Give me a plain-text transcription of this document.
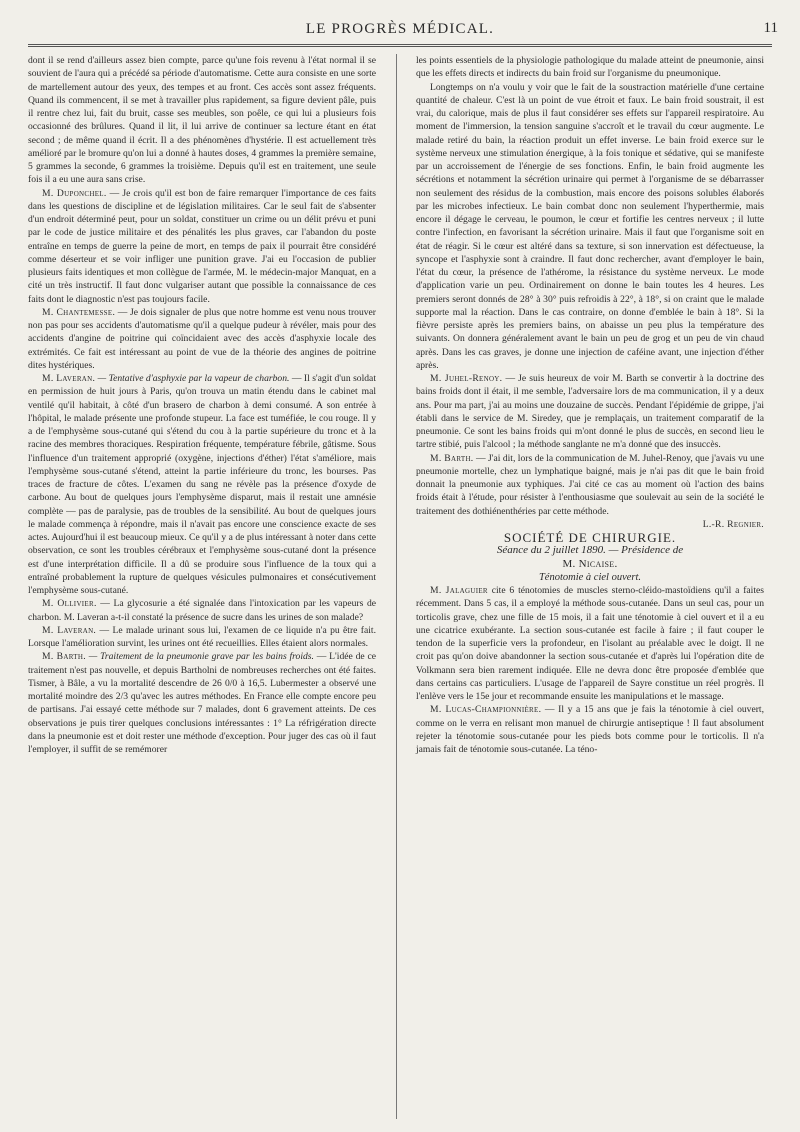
LE PROGRÈS MÉDICAL.	11

dont il se rend d'ailleurs assez bien compte, parce qu'une fois revenu à l'état normal il se souvient de l'aura qui a précédé sa période d'automatisme. Cette aura consiste en une sorte de martellement autour des yeux, des tempes et au front. Ces accès sont assez fréquents. Quand ils commencent, il se met à travailler plus rapidement, sa figure devient pâle, puis il rentre chez lui, fait du bruit, casse ses meubles, son poêle, ce qui lui a plusieurs fois occasionné des brûlures. Quand il lit, il lui arrive de continuer sa lecture étant en état second ; de même quand il écrit. Il a des phénomènes d'hystérie. Il est actuellement très amélioré par le bromure qu'on lui a donné à hautes doses, 4 grammes la première semaine, 5 grammes la seconde, 6 grammes la troisième. Depuis qu'il est en traitement, une seule fois il a eu une aura sans crise.

M. Duponchel. — Je crois qu'il est bon de faire remarquer l'importance de ces faits dans les questions de discipline et de législation militaires. Car le seul fait de s'absenter d'un endroit déterminé peut, pour un soldat, constituer un crime ou un délit prévu et puni par le code de justice militaire et des pénalités les plus graves, car l'abandon du poste entraîne en temps de guerre la peine de mort, en temps de paix il pourrait être considéré comme déserteur et se voir infliger une punition grave. J'ai eu l'occasion de publier plusieurs faits identiques et mon collègue de l'armée, M. le médecin-major Manquat, en a cité un très instructif. Il faut donc vulgariser autant que possible la connaissance de ces faits dont le diagnostic n'est pas toujours facile.

M. Chantemesse. — Je dois signaler de plus que notre homme est venu nous trouver non pas pour ses accidents d'automatisme qu'il a quelque pudeur à révéler, mais pour des accidents d'angine de poitrine qui coïncidaient avec des accès d'asphyxie locale des extrémités. Ce fait est intéressant au point de vue de la théorie des angines de poitrine dites hystériques.

M. Laveran. — Tentative d'asphyxie par la vapeur de charbon. — Il s'agit d'un soldat en permission de huit jours à Paris, qu'on trouva un matin étendu dans le cabinet mal ventilé qu'il habitait, à côté d'un brasero de charbon à demi consumé. A son entrée à l'hôpital, le malade présente une profonde stupeur. La face est tuméfiée, le cou rouge. Il y a de l'emphysème sous-cutané qui s'étend du cou à la partie supérieure du tronc et à la racine des membres thoraciques. Respiration fréquente, température fébrile, gâtisme. Sous l'influence d'un traitement approprié (oxygène, injections d'éther) l'état s'améliore, mais l'emphysème sous-cutané s'étend, atteint la partie inférieure du tronc, les bourses. Pas traces de fracture de côtes. L'examen du sang ne révèle pas la présence d'oxyde de carbone. Au bout de quelques jours l'emphysème disparut, mais il restait une amnésie complète — pas de paralysie, pas de troubles de la sensibilité. Au bout de quelques jours le malade commença à répondre, mais il n'avait pas encore une conscience exacte de ses actes. Aujourd'hui il est beaucoup mieux. Ce qu'il y a de plus intéressant à noter dans cette observation, ce sont les troubles cérébraux et l'emphysème sous-cutané dont la présence est d'une interprétation difficile. Il a dû se produire sous l'influence de la toux qui a entraîné probablement la rupture de quelques vésicules pulmonaires et consécutivement l'emphysème sous-cutané.

M. Ollivier. — La glycosurie a été signalée dans l'intoxication par les vapeurs de charbon. M. Laveran a-t-il constaté la présence de sucre dans les urines de son malade?

M. Laveran. — Le malade urinant sous lui, l'examen de ce liquide n'a pu être fait. Lorsque l'amélioration survint, les urines ont été recueillies. Elles étaient alors normales.

M. Barth. — Traitement de la pneumonie grave par les bains froids. — L'idée de ce traitement n'est pas nouvelle, et depuis Bartholni de nombreuses recherches ont été faites. Tismer, à Bâle, a vu la mortalité descendre de 26 0/0 à 16,5. Lubermester a observé une mortalité moindre des 2/3 qu'avec les autres méthodes. En France elle compte encore peu de partisans. J'ai essayé cette méthode sur 7 malades, dont 6 gravement atteints. De ces observations je puis tirer quelques conclusions intéressantes : 1° La réfrigération directe dans la pneumonie est et doit rester une méthode d'exception. Pour juger des cas où il faut l'employer, il suffit de se remémorer

les points essentiels de la physiologie pathologique du malade atteint de pneumonie, ainsi que les effets directs et indirects du bain froid sur l'organisme du pneumonique.

Longtemps on n'a voulu y voir que le fait de la soustraction matérielle d'une certaine quantité de chaleur. C'est là un point de vue étroit et faux. Le bain froid soustrait, il est vrai, du calorique, mais de plus il faut considérer ses effets sur l'appareil respiratoire. Au moment de l'immersion, la tension sanguine s'accroît et le travail du cœur augmente. Le malade retiré du bain, la réaction produit un effet inverse. Le bain froid exerce sur le système nerveux une stimulation énergique, à la fois tonique et sédative, qui se manifeste par un accroissement de l'énergie de ses fonctions. Enfin, le bain froid augmente les sécrétions et notamment la sécrétion urinaire qui permet à l'organisme de se débarrasser non seulement des résidus de la combustion, mais encore des poisons solubles élaborés par les microbes infectieux. Le bain combat donc non seulement l'hyperthermie, mais encore il dégage le cerveau, le poumon, le cœur et fortifie les centres nerveux ; il lutte contre l'infection, en favorisant la sécrétion urinaire. Mais il faut que l'organisme soit en état de réagir. Si le cœur est altéré dans sa texture, si son innervation est défectueuse, la syncope et l'asphyxie sont à craindre. Il faut donc rechercher, avant d'employer le bain, l'état du cœur, la présence de l'athérome, la résistance du système nerveux. Le mode d'application varie un peu. Ordinairement on donne le bain toutes les 4 heures. Les premiers seront donnés de 28° à 30° puis refroidis à 22°, à 18°, si on craint que le malade supporte mal la réaction. Dans le cas contraire, on donne d'emblée le bain à 18°. Si la fièvre persiste après les premiers bains, on abaisse un peu plus la température des suivants. On donnera généralement avant le bain un peu de grog et un peu de vin chaud après. Dans les cas graves, je donne une injection de caféine avant, une injection d'éther après.

M. Juhel-Renoy. — Je suis heureux de voir M. Barth se convertir à la doctrine des bains froids dont il était, il me semble, l'adversaire lors de ma communication, il y a deux ans. Pour ma part, j'ai au moins une douzaine de succès. Pendant l'épidémie de grippe, j'ai établi dans le service de M. Siredey, que je remplaçais, un traitement comparatif de la pneumonie. Ce sont les bains froids qui m'ont donné le plus de succès, en second lieu le tartre stibié, puis l'alcool ; la méthode sanglante ne m'a donné que des insuccès.

M. Barth. — J'ai dit, lors de la communication de M. Juhel-Renoy, que j'avais vu une pneumonie mortelle, chez un lymphatique baigné, mais je n'ai pas dit que le bain froid donnait la pneumonie aux typhiques. J'ai cité ce cas au moment où l'action des bains froids était à l'étude, pour résister à l'enthousiasme que soulevait au sein de la société le traitement des dothiénenthéries par cette méthode.
L.-R. Regnier.

SOCIÉTÉ DE CHIRURGIE.

Séance du 2 juillet 1890. — Présidence de

M. Nicaise.

Ténotomie à ciel ouvert.

M. Jalaguier cite 6 ténotomies de muscles sterno-cléido-mastoïdiens qu'il a faites récemment. Dans 5 cas, il a employé la méthode sous-cutanée. Dans un seul cas, pour un torticolis grave, chez une fille de 15 mois, il a fait une ténotomie à ciel ouvert et il a eu une cicatrice exubérante. La section sous-cutanée est facile à faire ; il faut couper le tendon de la superficie vers la profondeur, en l'isolant au préalable avec le doigt. Il ne croit pas qu'on doive abandonner la section sous-cutanée et d'après lui l'opération dite de Volkmann sera bien rarement indiquée. Elle ne devra donc être proposée d'emblée que dans certains cas particuliers. L'usage de l'appareil de Sayre constitue un réel progrès. Il l'enlève vers le 15e jour et recommande ensuite les manipulations et le massage.

M. Lucas-Championnière. — Il y a 15 ans que je fais la ténotomie à ciel ouvert, comme on le verra en relisant mon manuel de chirurgie antiseptique ! Il faut absolument rejeter la ténotomie sous-cutanée pour les pieds bots comme pour le torticolis. Il n'a jamais fait de ténotomie sous-cutanée. La téno-
